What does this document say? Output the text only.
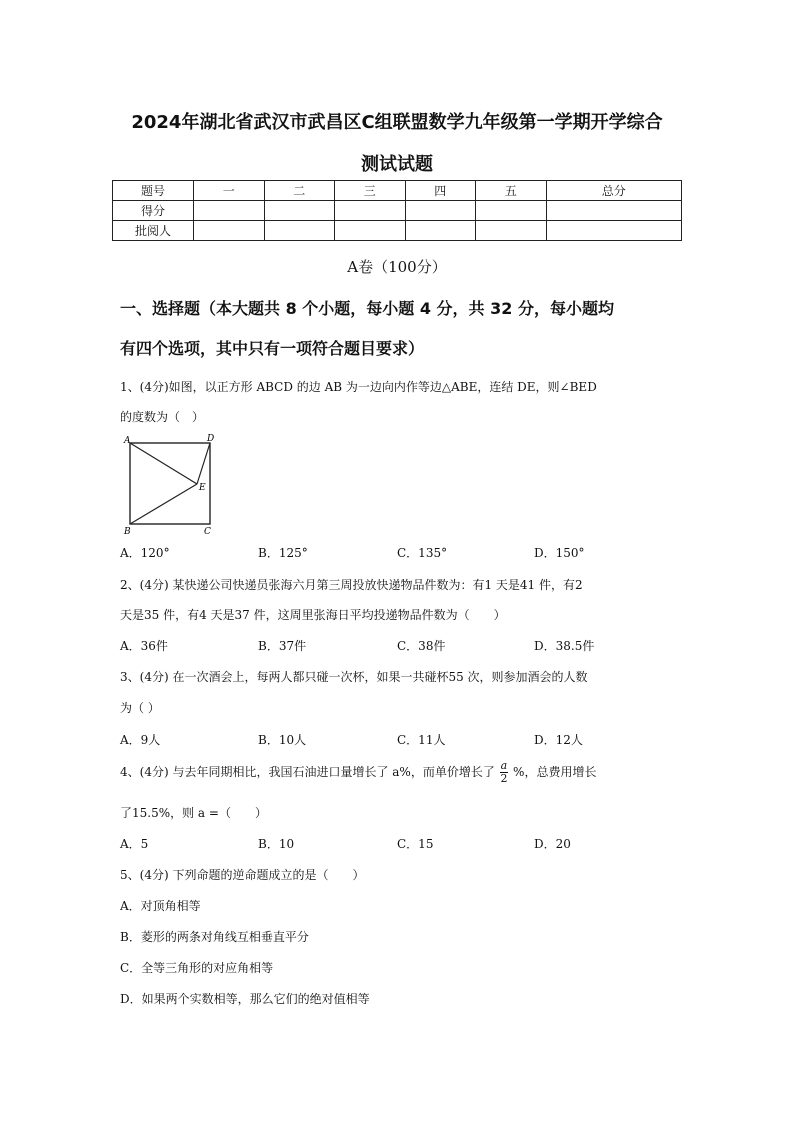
2024年湖北省武汉市武昌区C组联盟数学九年级第一学期开学综合
测试试题
题号	一	二	三	四	五	总分
得分						
批阅人						
A卷（100分）
一、选择题（本大题共 8 个小题，每小题 4 分，共 32 分，每小题均
有四个选项，其中只有一项符合题目要求）
1、(4分)如图，以正方形 ABCD 的边 AB 为一边向内作等边△ABE，连结 DE，则∠BED
的度数为（　）
A	D
E
B	C
A．120°	B．125°	C．135°	D．150°
2、(4分) 某快递公司快递员张海六月第三周投放快递物品件数为：有1 天是41 件，有2
天是35 件，有4 天是37 件，这周里张海日平均投递物品件数为（　　）
A．36件	B．37件	C．38件	D．38.5件
3、(4分) 在一次酒会上，每两人都只碰一次杯，如果一共碰杯55 次，则参加酒会的人数
为（ ）
A．9人	B．10人	C．11人	D．12人
4、(4分) 与去年同期相比，我国石油进口量增长了 a%，而单价增长了 $\frac{a}{2}$ %，总费用增长
了15.5%，则 a =（　　）
A．5	B．10	C．15	D．20
5、(4分) 下列命题的逆命题成立的是（　　）
A．对顶角相等
B．菱形的两条对角线互相垂直平分
C．全等三角形的对应角相等
D．如果两个实数相等，那么它们的绝对值相等
